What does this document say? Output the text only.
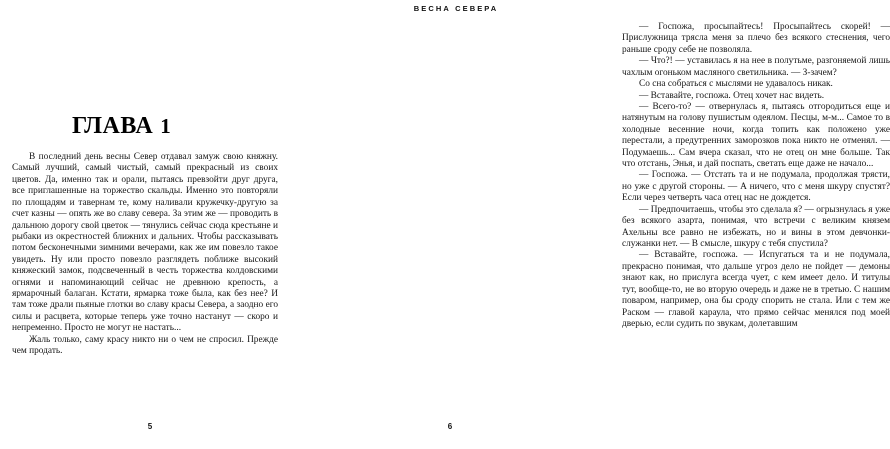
ГЛАВА 1

В последний день весны Север отдавал замуж свою княжну. Самый лучший, самый чистый, самый прекрасный из своих цветов. Да, именно так и орали, пытаясь превзойти друг друга, все приглашенные на торжество скальды. Именно это повторяли по площадям и тавернам те, кому наливали кружечку-другую за счет казны — опять же во славу севера. За этим же — проводить в дальнюю дорогу свой цветок — тянулись сейчас сюда крестьяне и рыбаки из окрестностей ближних и дальних. Чтобы рассказывать потом бесконечными зимними вечерами, как же им повезло такое увидеть. Ну или просто повезло разглядеть поближе высокий княжеский замок, подсвеченный в честь торжества колдовскими огнями и напоминающий сейчас не древнюю крепость, а ярмарочный балаган. Кстати, ярмарка тоже была, как без нее? И там тоже драли пьяные глотки во славу красы Севера, а заодно его силы и расцвета, которые теперь уже точно настанут — скоро и непременно. Просто не могут не настать...

Жаль только, саму красу никто ни о чем не спросил. Прежде чем продать.

5
ВЕСНА СЕВЕРА

— Госпожа, просыпайтесь! Просыпайтесь скорей! — Прислужница трясла меня за плечо без всякого стеснения, чего раньше сроду себе не позволяла.

— Что?! — уставилась я на нее в полутьме, разгоняемой лишь чахлым огоньком масляного светильника. — З-зачем?

Со сна собраться с мыслями не удавалось никак.

— Вставайте, госпожа. Отец хочет нас видеть.

— Всего-то? — отвернулась я, пытаясь отгородиться еще и натянутым на голову пушистым одеялом. Песцы, м-м... Самое то в холодные весенние ночи, когда топить как положено уже перестали, а предутренних заморозков пока никто не отменял. — Подумаешь... Сам вчера сказал, что не отец он мне больше. Так что отстань, Энья, и дай поспать, светать еще даже не начало...

— Госпожа. — Отстать та и не подумала, продолжая трясти, но уже с другой стороны. — А ничего, что с меня шкуру спустят? Если через четверть часа отец нас не дождется.

— Предпочитаешь, чтобы это сделала я? — огрызнулась я уже без всякого азарта, понимая, что встречи с великим князем Ахельны все равно не избежать, но и вины в этом девчонки-служанки нет. — В смысле, шкуру с тебя спустила?

— Вставайте, госпожа. — Испугаться та и не подумала, прекрасно понимая, что дальше угроз дело не пойдет — демоны знают как, но прислуга всегда чует, с кем имеет дело. И титулы тут, вообще-то, не во вторую очередь и даже не в третью. С нашим поваром, например, она бы сроду спорить не стала. Или с тем же Раском — главой караула, что прямо сейчас менялся под моей дверью, если судить по звукам, долетавшим

6
